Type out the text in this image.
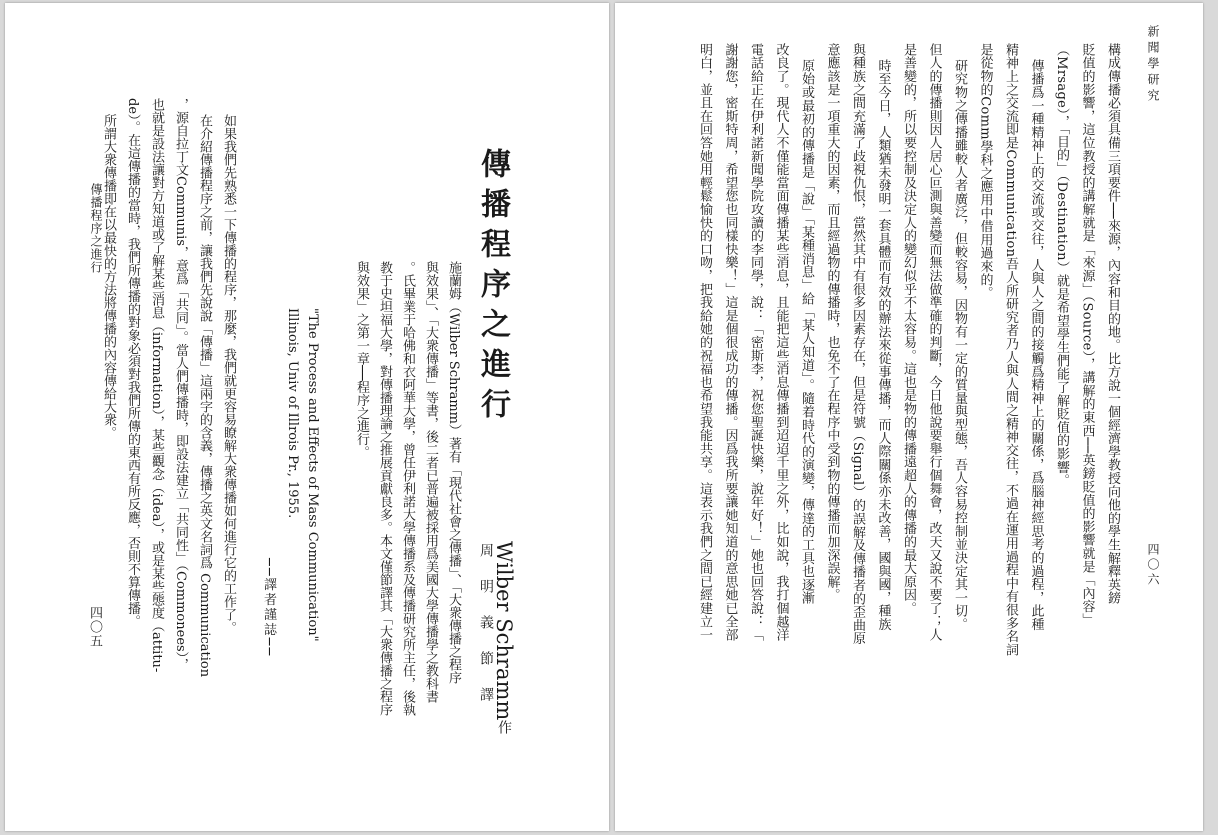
傳播程序之進行
Wilber Schramm作
周　明　義　節　譯
施蘭姆（Wilber Schramm）著有「現代社會之傳播」、「大衆傳播之程序
與效果」、「大衆傳播」等書，後二者已普遍被採用爲美國大學傳播學之教科書
。氏畢業于哈佛和衣阿華大學，曾任伊利諾大學傳播系及傳播研究所主任，後執
教于史坦福大學，對傳播理論之推展貢獻良多。本文僅節譯其「大衆傳播之程序
與效果」之第一章──程序之進行。
"The Process and Effects of Mass Communication"
Illinois, Univ of Illrois Pr., 1955.
──譯者謹誌──
如果我們先熟悉一下傳播的程序，那麼，我們就更容易瞭解大衆傳播如何進行它的工作了。
在介紹傳播程序之前，讓我們先說說「傳播」這兩字的含義，傳播之英文名詞爲 Communication
，源自拉丁文Communis，意爲「共同」。當人們傳播時，即設法建立「共同性」（Commonees），
也就是設法讓對方知道或了解某些消息（information），某些觀念（idea），或是某些態度（attitu-
de）。在這傳播的當時，我們所傳播的對象必須對我們所傳的東西有所反應，否則不算傳播。
所謂大衆傳播即在以最快的方法將傳播的內容傳給大衆。
傳播程序之進行
四〇五
新聞學研究
四〇六
構成傳播必須具備三項要件──來源，內容和目的地。比方說一個經濟學教授向他的學生解釋英鎊
貶值的影響，這位教授的講解就是「來源」（Source），講解的東西──英鎊貶值的影響就是「內容」
（Mrsage），「目的」（Destination）就是希望學生們能了解貶值的影響。
傳播爲一種精神上的交流或交往，人與人之間的接觸爲精神上的關係，爲腦神經思考的過程，此種
精神上之交流即是Communication吾人所研究者乃人與人間之精神交往，不過在運用過程中有很多名詞
是從物的Comm學科之應用中借用過來的。
研究物之傳播雖較人者廣泛，但較容易，因物有一定的質量與型態，吾人容易控制並決定其一切。
但人的傳播則因人居心叵測與善變而無法做準確的判斷，今日他說要舉行個舞會，改天又說不要了；人
是善變的，所以要控制及決定人的變幻似乎不太容易。這也是物的傳播遠超人的傳播的最大原因。
時至今日，人類猶未發明一套具體而有效的辦法來從事傳播，而人際關係亦未改善，國與國，種族
與種族之間充滿了歧視仇恨，當然其中有很多因素存在，但是符號（Signal）的誤解及傳播者的歪曲原
意應該是一項重大的因素，而且經過物的傳播時，也免不了在程序中受到物的傳播而加深誤解。
原始或最初的傳播是「說」「某種消息」給「某人知道」。隨着時代的演變，傳達的工具也逐漸
改良了。現代人不僅能當面傳播某些消息，且能把這些消息傳播到迢迢千里之外，比如說，我打個越洋
電話給正在伊利諾新聞學院攻讀的李同學，說：「密斯李，祝您聖誕快樂，說年好！」她也回答說：「
謝謝您，密斯特周，希望您也同樣快樂！」這是個很成功的傳播。因爲我所要讓她知道的意思她已全部
明白，並且在回答她用輕鬆愉快的口吻，把我給她的祝福也希望我能共享。這表示我們之間已經建立一
